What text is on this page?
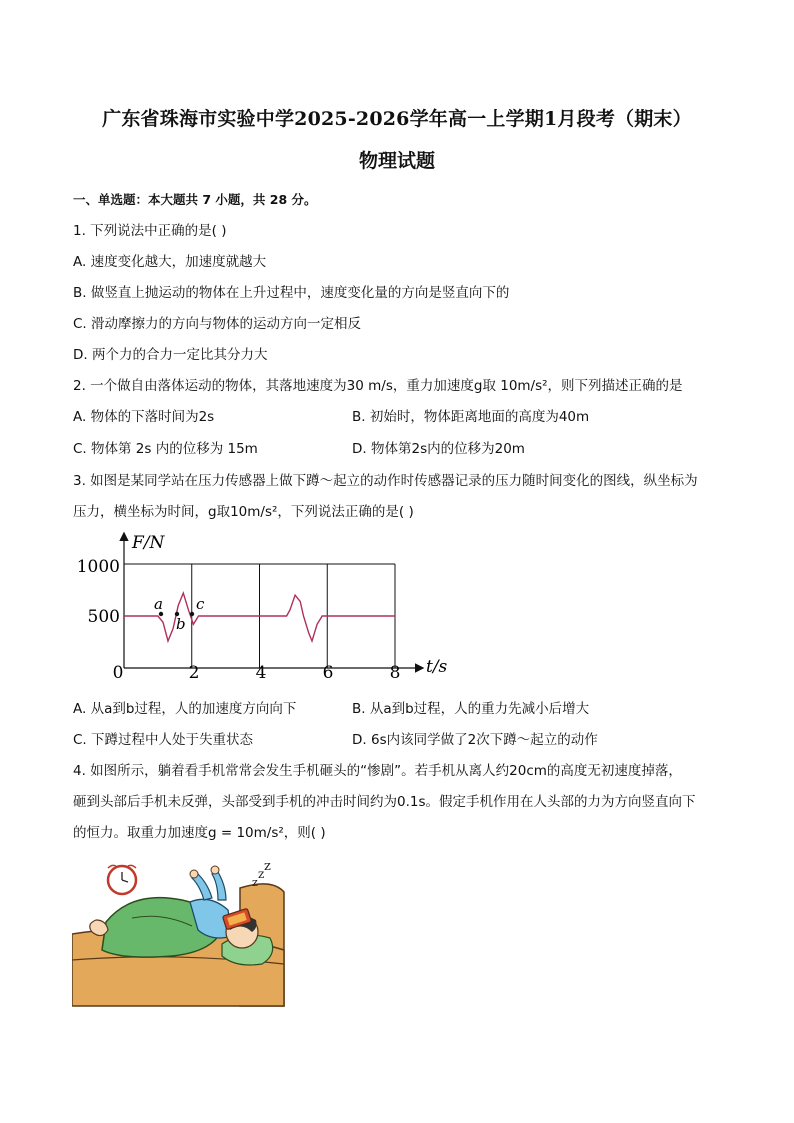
广东省珠海市实验中学2025-2026学年高一上学期1月段考（期末）
物理试题
一、单选题：本大题共 7 小题，共 28 分。
1. 下列说法中正确的是( )
A. 速度变化越大，加速度就越大
B. 做竖直上抛运动的物体在上升过程中，速度变化量的方向是竖直向下的
C. 滑动摩擦力的方向与物体的运动方向一定相反
D. 两个力的合力一定比其分力大
2. 一个做自由落体运动的物体，其落地速度为30 m/s，重力加速度g取 10m/s²，则下列描述正确的是
A. 物体的下落时间为2s	B. 初始时，物体距离地面的高度为40m
C. 物体第 2s 内的位移为 15m	D. 物体第2s内的位移为20m
3. 如图是某同学站在压力传感器上做下蹲～起立的动作时传感器记录的压力随时间变化的图线，纵坐标为
压力，横坐标为时间，g取10m/s²，下列说法正确的是( )
F/N
t/s
500
1000
0	2	4	6	8
a
b
c
A. 从a到b过程，人的加速度方向向下	B. 从a到b过程，人的重力先减小后增大
C. 下蹲过程中人处于失重状态	D. 6s内该同学做了2次下蹲～起立的动作
4. 如图所示，躺着看手机常常会发生手机砸头的“惨剧”。若手机从离人约20cm的高度无初速度掉落，
砸到头部后手机未反弹，头部受到手机的冲击时间约为0.1s。假定手机作用在人头部的力为方向竖直向下
的恒力。取重力加速度g = 10m/s²，则( )
z
z z
